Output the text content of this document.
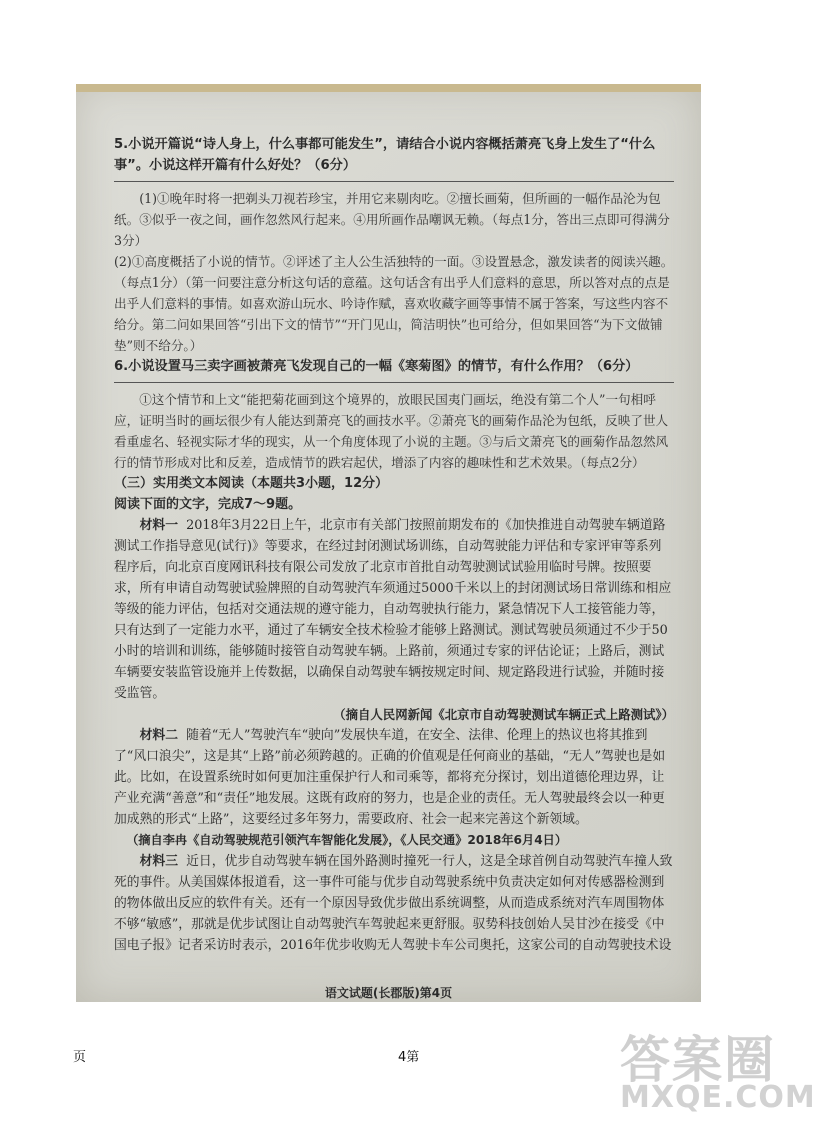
·

5.小说开篇说“诗人身上，什么事都可能发生”，请结合小说内容概括萧亮飞身上发生了“什么事”。小说这样开篇有什么好处？（6分）

(1)①晚年时将一把剃头刀视若珍宝，并用它来剔肉吃。②擅长画菊，但所画的一幅作品沦为包纸。③似乎一夜之间，画作忽然风行起来。④用所画作品嘲讽无赖。（每点1分，答出三点即可得满分3分）

(2)①高度概括了小说的情节。②评述了主人公生活独特的一面。③设置悬念，激发读者的阅读兴趣。（每点1分）（第一问要注意分析这句话的意蕴。这句话含有出乎人们意料的意思，所以答对点的点是出乎人们意料的事情。如喜欢游山玩水、吟诗作赋，喜欢收藏字画等事情不属于答案，写这些内容不给分。第二问如果回答“引出下文的情节”“开门见山，简洁明快”也可给分，但如果回答“为下文做铺垫”则不给分。）

6.小说设置马三卖字画被萧亮飞发现自己的一幅《寒菊图》的情节，有什么作用？（6分）

①这个情节和上文“能把菊花画到这个境界的，放眼民国夷门画坛，绝没有第二个人”一句相呼应，证明当时的画坛很少有人能达到萧亮飞的画技水平。②萧亮飞的画菊作品沦为包纸，反映了世人看重虚名、轻视实际才华的现实，从一个角度体现了小说的主题。③与后文萧亮飞的画菊作品忽然风行的情节形成对比和反差，造成情节的跌宕起伏，增添了内容的趣味性和艺术效果。（每点2分）

（三）实用类文本阅读（本题共3小题，12分）

阅读下面的文字，完成7～9题。

材料一 2018年3月22日上午，北京市有关部门按照前期发布的《加快推进自动驾驶车辆道路测试工作指导意见(试行)》等要求，在经过封闭测试场训练，自动驾驶能力评估和专家评审等系列程序后，向北京百度网讯科技有限公司发放了北京市首批自动驾驶测试试验用临时号牌。按照要求，所有申请自动驾驶试验牌照的自动驾驶汽车须通过5000千米以上的封闭测试场日常训练和相应等级的能力评估，包括对交通法规的遵守能力，自动驾驶执行能力，紧急情况下人工接管能力等，只有达到了一定能力水平，通过了车辆安全技术检验才能够上路测试。测试驾驶员须通过不少于50小时的培训和训练，能够随时接管自动驾驶车辆。上路前，须通过专家的评估论证；上路后，测试车辆要安装监管设施并上传数据，以确保自动驾驶车辆按规定时间、规定路段进行试验，并随时接受监管。

（摘自人民网新闻《北京市自动驾驶测试车辆正式上路测试》）

材料二 随着“无人”驾驶汽车“驶向”发展快车道，在安全、法律、伦理上的热议也将其推到了“风口浪尖”，这是其“上路”前必须跨越的。正确的价值观是任何商业的基础，“无人”驾驶也是如此。比如，在设置系统时如何更加注重保护行人和司乘等，都将充分探讨，划出道德伦理边界，让产业充满“善意”和“责任”地发展。这既有政府的努力，也是企业的责任。无人驾驶最终会以一种更加成熟的形式“上路”，这要经过多年努力，需要政府、社会一起来完善这个新领域。

（摘自李冉《自动驾驶规范引领汽车智能化发展》，《人民交通》2018年6月4日）

材料三 近日，优步自动驾驶车辆在国外路测时撞死一行人，这是全球首例自动驾驶汽车撞人致死的事件。从美国媒体报道看，这一事件可能与优步自动驾驶系统中负责决定如何对传感器检测到的物体做出反应的软件有关。还有一个原因导致优步做出系统调整，从而造成系统对汽车周围物体不够“敏感”，那就是优步试图让自动驾驶汽车驾驶起来更舒服。驭势科技创始人吴甘沙在接受《中国电子报》记者采访时表示，2016年优步收购无人驾驶卡车公司奥托，这家公司的自动驾驶技术设

语文试题(长郡版)第4页
页	4第	答案圈
MXQE.COM
